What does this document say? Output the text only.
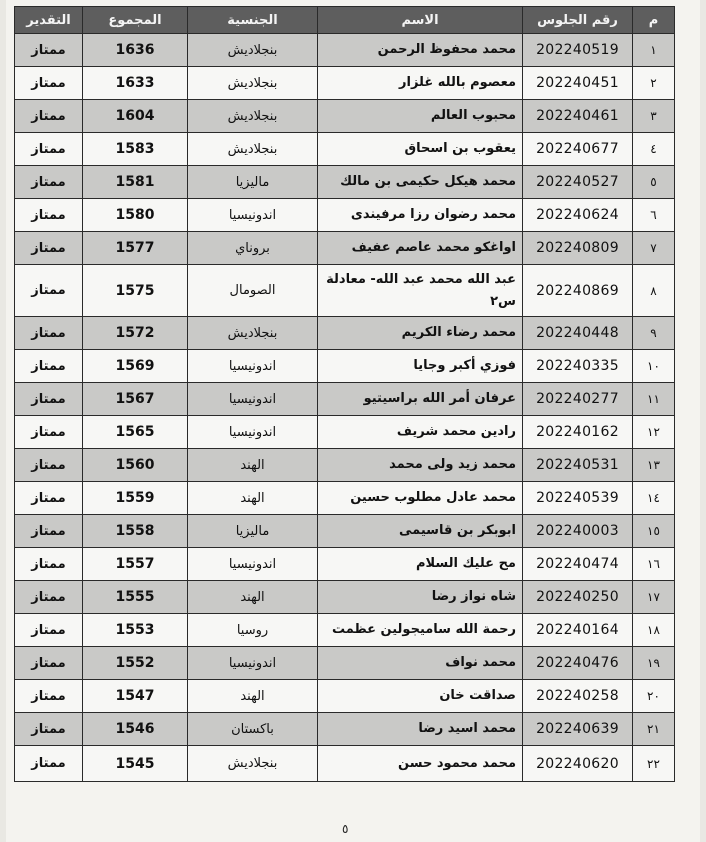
م	رقم الجلوس	الاسم	الجنسية	المجموع	التقدير
١	202240519	محمد محفوظ الرحمن	بنجلاديش	1636	ممتاز
٢	202240451	معصوم بالله غلزار	بنجلاديش	1633	ممتاز
٣	202240461	محبوب العالم	بنجلاديش	1604	ممتاز
٤	202240677	يعقوب بن اسحاق	بنجلاديش	1583	ممتاز
٥	202240527	محمد هيكل حكيمى بن مالك	ماليزيا	1581	ممتاز
٦	202240624	محمد رضوان رزا مرفيندى	اندونيسيا	1580	ممتاز
٧	202240809	اواغكو محمد عاصم عفيف	بروناي	1577	ممتاز
٨	202240869	عبد الله محمد عبد الله- معادلة س٢	الصومال	1575	ممتاز
٩	202240448	محمد رضاء الكريم	بنجلاديش	1572	ممتاز
١٠	202240335	فوزي أكبر وجايا	اندونيسيا	1569	ممتاز
١١	202240277	عرفان أمر الله براسيتيو	اندونيسيا	1567	ممتاز
١٢	202240162	رادين محمد شريف	اندونيسيا	1565	ممتاز
١٣	202240531	محمد زيد ولى محمد	الهند	1560	ممتاز
١٤	202240539	محمد عادل مطلوب حسين	الهند	1559	ممتاز
١٥	202240003	ابوبكر بن قاسيمى	ماليزيا	1558	ممتاز
١٦	202240474	مح عليك السلام	اندونيسيا	1557	ممتاز
١٧	202240250	شاه نواز رضا	الهند	1555	ممتاز
١٨	202240164	رحمة الله ساميجولين عظمت	روسيا	1553	ممتاز
١٩	202240476	محمد نواف	اندونيسيا	1552	ممتاز
٢٠	202240258	صداقت خان	الهند	1547	ممتاز
٢١	202240639	محمد اسيد رضا	باكستان	1546	ممتاز
٢٢	202240620	محمد محمود حسن	بنجلاديش	1545	ممتاز
٥
